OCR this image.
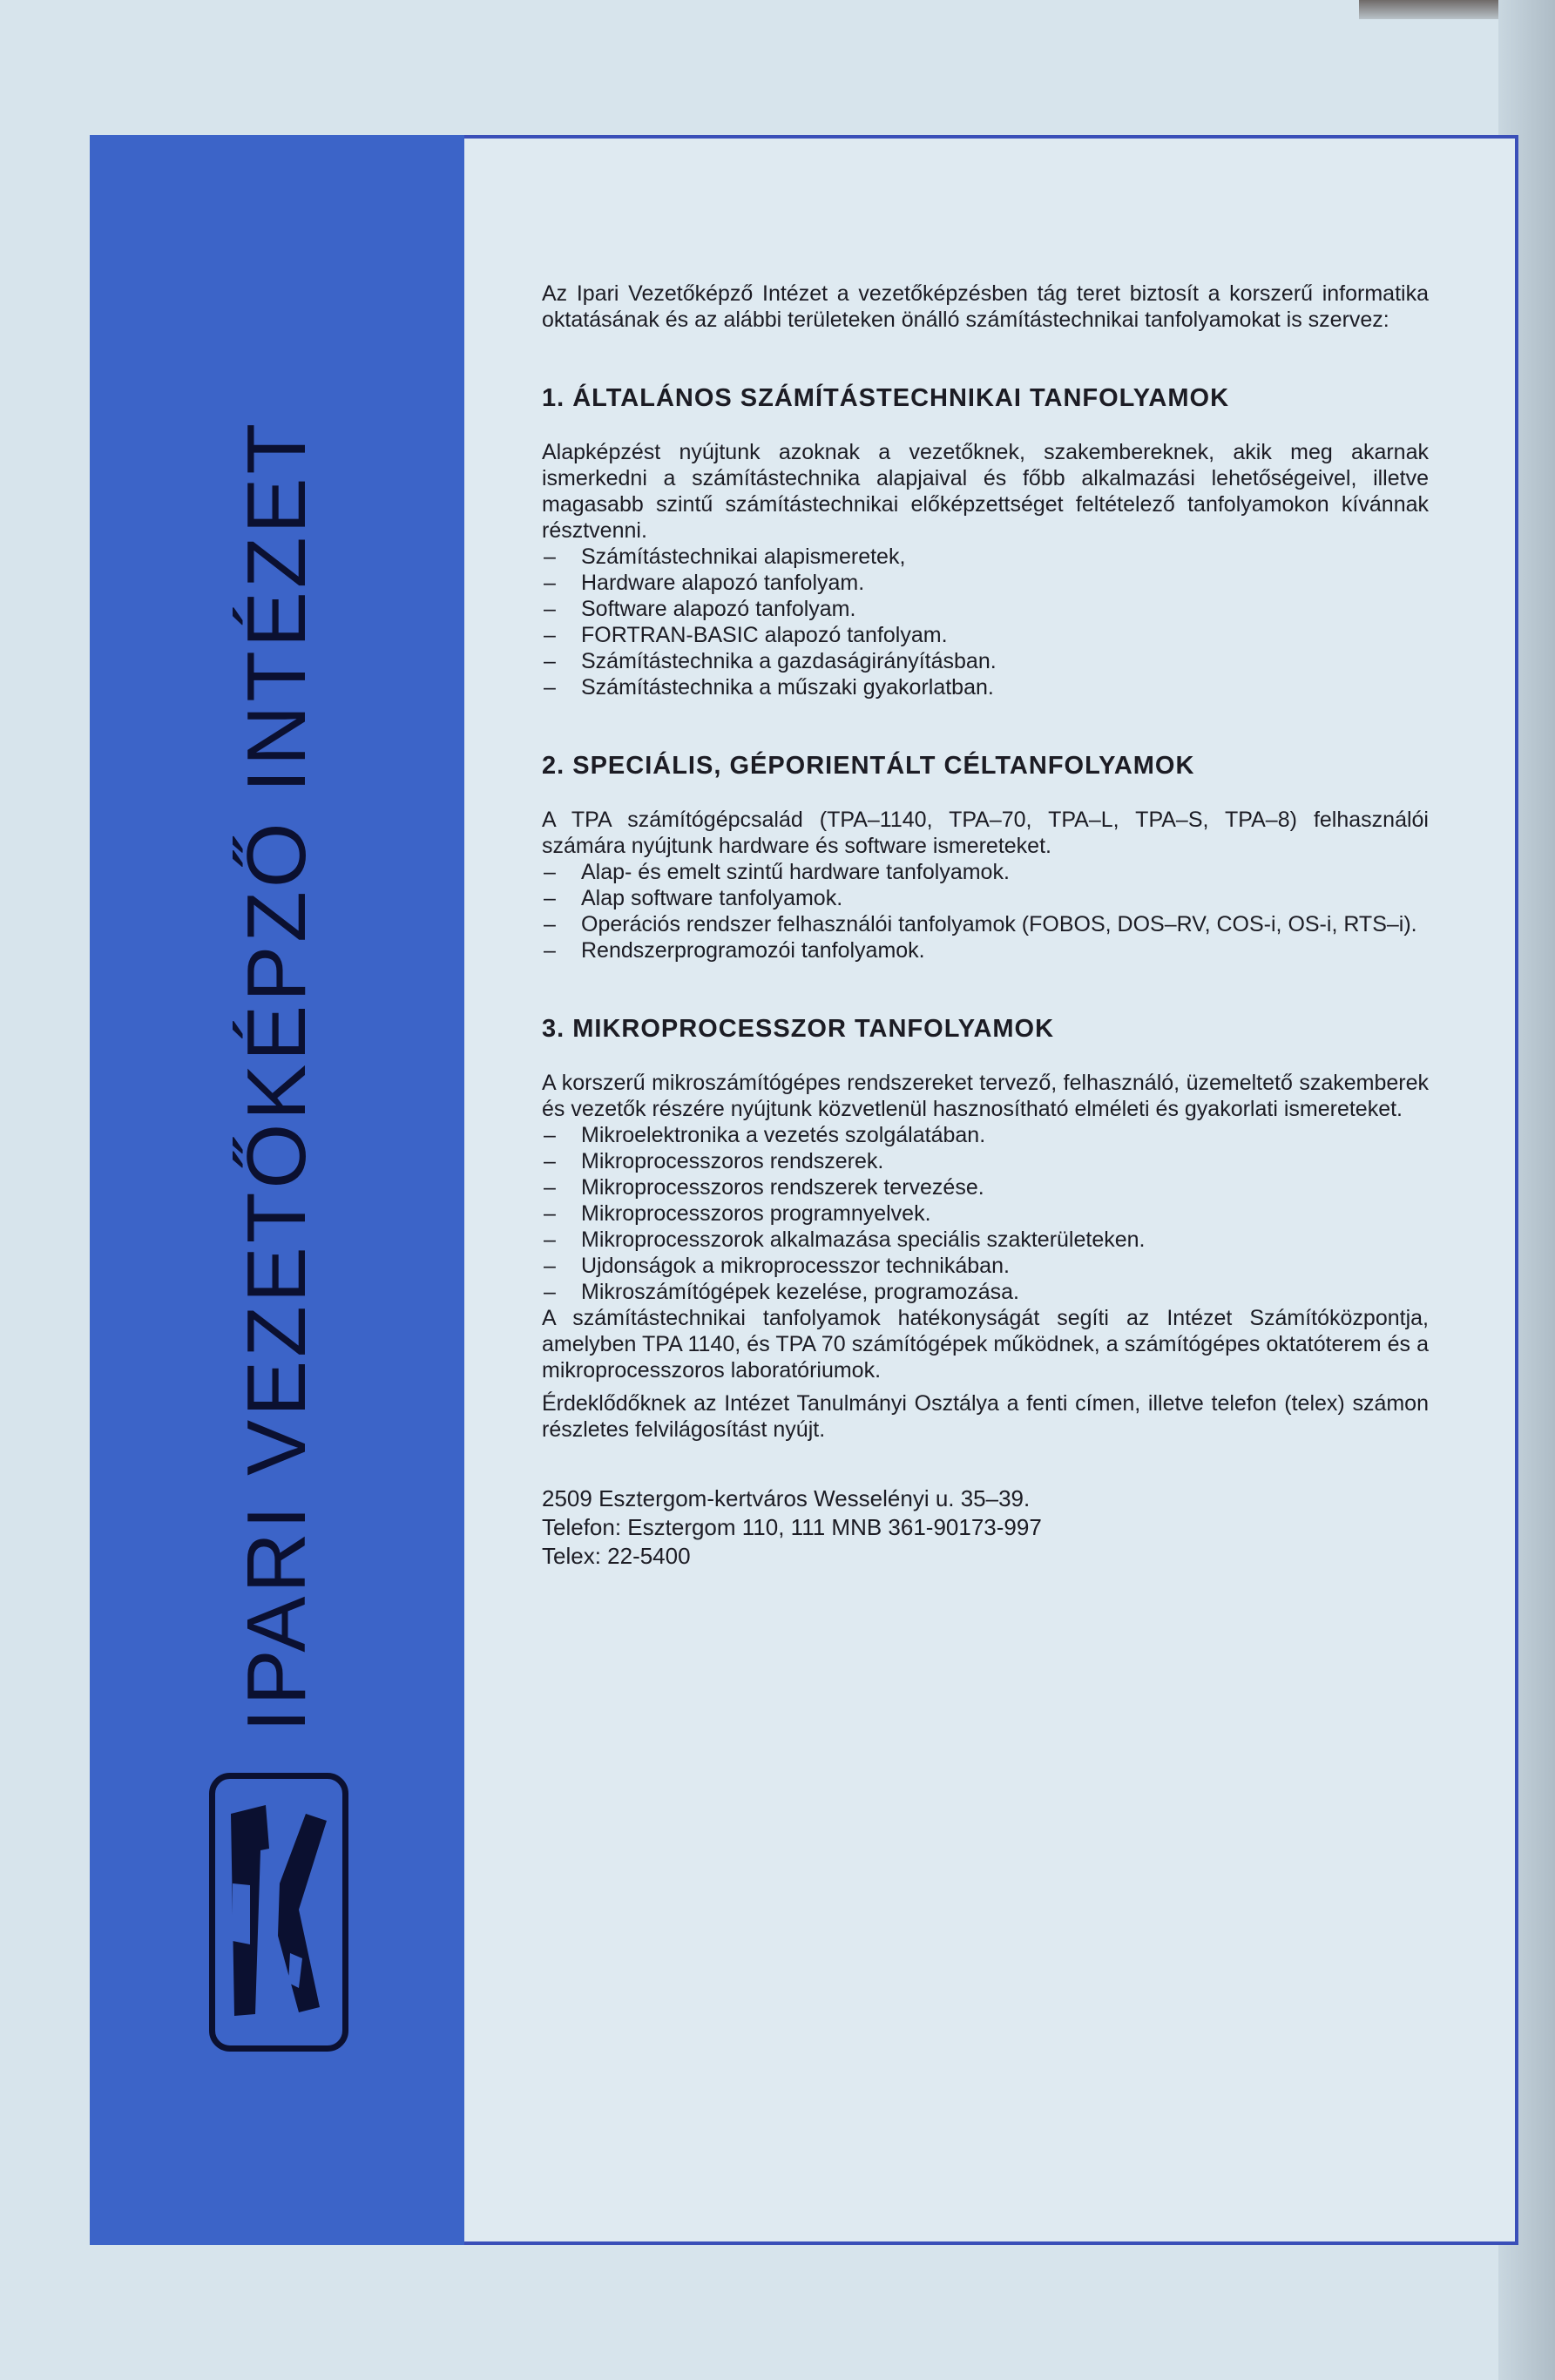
IPARI VEZETŐKÉPZŐ INTÉZET

Az Ipari Vezetőképző Intézet a vezetőképzésben tág teret biztosít a korszerű informatika oktatásának és az alábbi területeken önálló számítástechnikai tanfolyamokat is szervez:

1. ÁLTALÁNOS SZÁMÍTÁSTECHNIKAI TANFOLYAMOK

Alapképzést nyújtunk azoknak a vezetőknek, szakembereknek, akik meg akarnak ismerkedni a számítástechnika alapjaival és főbb alkalmazási lehetőségeivel, illetve magasabb szintű számítástechnikai előképzettséget feltételező tanfolyamokon kívánnak résztvenni.

– Számítástechnikai alapismeretek,
– Hardware alapozó tanfolyam.
– Software alapozó tanfolyam.
– FORTRAN-BASIC alapozó tanfolyam.
– Számítástechnika a gazdaságirányításban.
– Számítástechnika a műszaki gyakorlatban.

2. SPECIÁLIS, GÉPORIENTÁLT CÉLTANFOLYAMOK

A TPA számítógépcsalád (TPA–1140, TPA–70, TPA–L, TPA–S, TPA–8) felhasználói számára nyújtunk hardware és software ismereteket.

– Alap- és emelt szintű hardware tanfolyamok.
– Alap software tanfolyamok.
– Operációs rendszer felhasználói tanfolyamok (FOBOS, DOS–RV, COS-i, OS-i, RTS–i).
– Rendszerprogramozói tanfolyamok.

3. MIKROPROCESSZOR TANFOLYAMOK

A korszerű mikroszámítógépes rendszereket tervező, felhasználó, üzemeltető szakemberek és vezetők részére nyújtunk közvetlenül hasznosítható elméleti és gyakorlati ismereteket.

– Mikroelektronika a vezetés szolgálatában.
– Mikroprocesszoros rendszerek.
– Mikroprocesszoros rendszerek tervezése.
– Mikroprocesszoros programnyelvek.
– Mikroprocesszorok alkalmazása speciális szakterületeken.
– Ujdonságok a mikroprocesszor technikában.
– Mikroszámítógépek kezelése, programozása.

A számítástechnikai tanfolyamok hatékonyságát segíti az Intézet Számítóközpontja, amelyben TPA 1140, és TPA 70 számítógépek működnek, a számítógépes oktatóterem és a mikroprocesszoros laboratóriumok.

Érdeklődőknek az Intézet Tanulmányi Osztálya a fenti címen, illetve telefon (telex) számon részletes felvilágosítást nyújt.

2509 Esztergom-kertváros Wesselényi u. 35–39.
Telefon: Esztergom 110, 111 MNB 361-90173-997
Telex: 22-5400
